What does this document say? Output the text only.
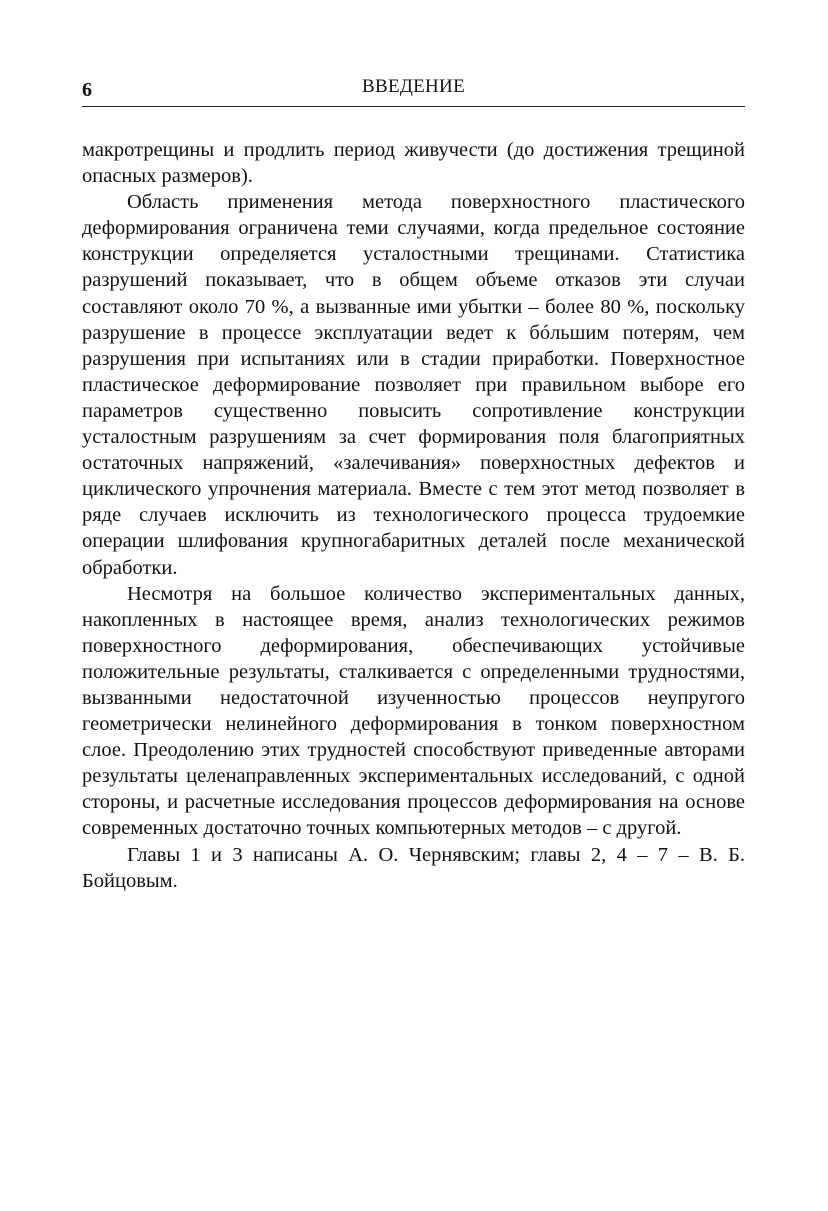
6	ВВЕДЕНИЕ

макротрещины и продлить период живучести (до достижения трещиной опасных размеров).

Область применения метода поверхностного пластического деформирования ограничена теми случаями, когда предельное состояние конструкции определяется усталостными трещинами. Статистика разрушений показывает, что в общем объеме отказов эти случаи составляют около 70 %, а вызванные ими убытки – более 80 %, поскольку разрушение в процессе эксплуатации ведет к бóльшим потерям, чем разрушения при испытаниях или в стадии приработки. Поверхностное пластическое деформирование позволяет при правильном выборе его параметров существенно повысить сопротивление конструкции усталостным разрушениям за счет формирования поля благоприятных остаточных напряжений, «залечивания» поверхностных дефектов и циклического упрочнения материала. Вместе с тем этот метод позволяет в ряде случаев исключить из технологического процесса трудоемкие операции шлифования крупногабаритных деталей после механической обработки.

Несмотря на большое количество экспериментальных данных, накопленных в настоящее время, анализ технологических режимов поверхностного деформирования, обеспечивающих устойчивые положительные результаты, сталкивается с определенными трудностями, вызванными недостаточной изученностью процессов неупругого геометрически нелинейного деформирования в тонком поверхностном слое. Преодолению этих трудностей способствуют приведенные авторами результаты целенаправленных экспериментальных исследований, с одной стороны, и расчетные исследования процессов деформирования на основе современных достаточно точных компьютерных методов – с другой.

Главы 1 и 3 написаны А. О. Чернявским; главы 2, 4 – 7 – В. Б. Бойцовым.
